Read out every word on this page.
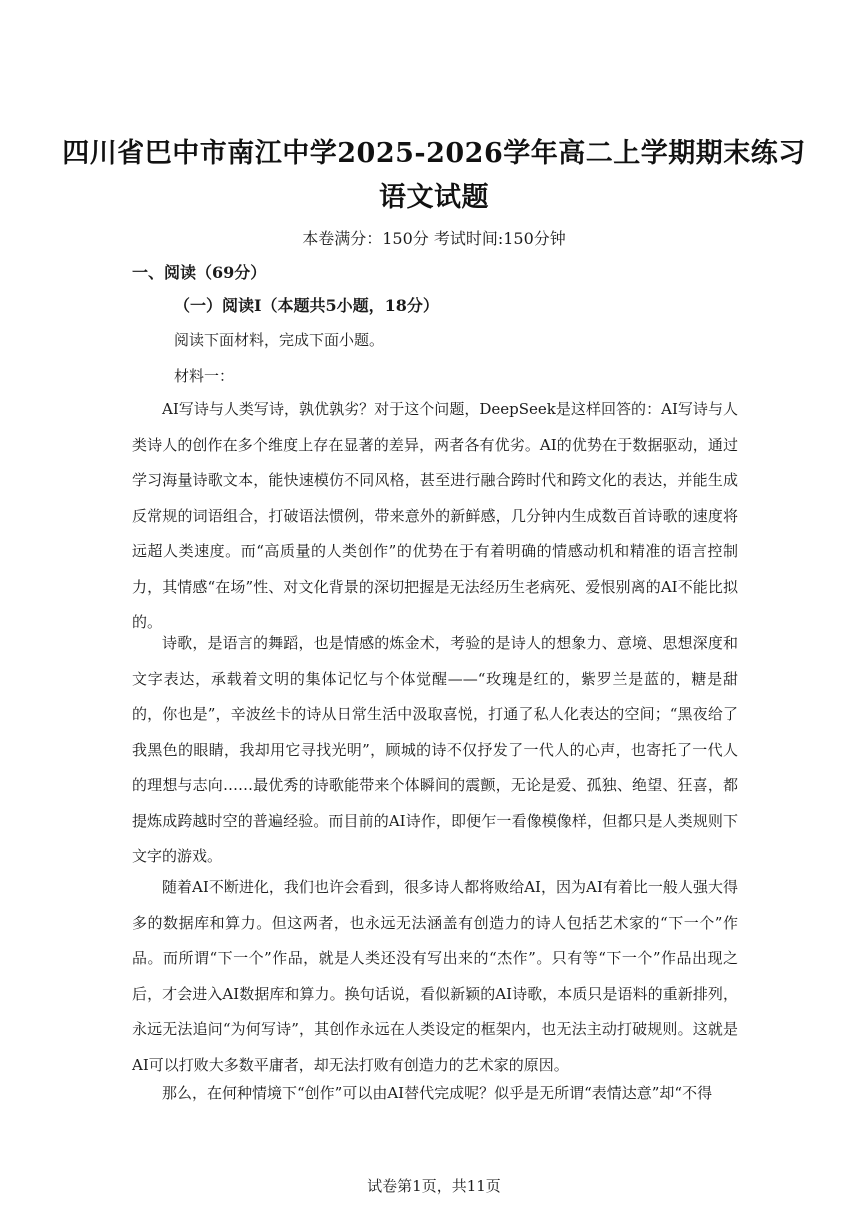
四川省巴中市南江中学2025-2026学年高二上学期期末练习
语文试题
本卷满分：150分 考试时间:150分钟
一、阅读（69分）
（一）阅读I（本题共5小题，18分）
阅读下面材料，完成下面小题。
材料一：

AI写诗与人类写诗，孰优孰劣？对于这个问题，DeepSeek是这样回答的：AI写诗与人类诗人的创作在多个维度上存在显著的差异，两者各有优劣。AI的优势在于数据驱动，通过学习海量诗歌文本，能快速模仿不同风格，甚至进行融合跨时代和跨文化的表达，并能生成反常规的词语组合，打破语法惯例，带来意外的新鲜感，几分钟内生成数百首诗歌的速度将远超人类速度。而“高质量的人类创作”的优势在于有着明确的情感动机和精准的语言控制力，其情感“在场”性、对文化背景的深切把握是无法经历生老病死、爱恨别离的AI不能比拟的。

诗歌，是语言的舞蹈，也是情感的炼金术，考验的是诗人的想象力、意境、思想深度和文字表达，承载着文明的集体记忆与个体觉醒——“玫瑰是红的，紫罗兰是蓝的，糖是甜的，你也是”，辛波丝卡的诗从日常生活中汲取喜悦，打通了私人化表达的空间；“黑夜给了我黑色的眼睛，我却用它寻找光明”，顾城的诗不仅抒发了一代人的心声，也寄托了一代人的理想与志向……最优秀的诗歌能带来个体瞬间的震颤，无论是爱、孤独、绝望、狂喜，都提炼成跨越时空的普遍经验。而目前的AI诗作，即便乍一看像模像样，但都只是人类规则下文字的游戏。

随着AI不断进化，我们也许会看到，很多诗人都将败给AI，因为AI有着比一般人强大得多的数据库和算力。但这两者，也永远无法涵盖有创造力的诗人包括艺术家的“下一个”作品。而所谓“下一个”作品，就是人类还没有写出来的“杰作”。只有等“下一个”作品出现之后，才会进入AI数据库和算力。换句话说，看似新颖的AI诗歌，本质只是语料的重新排列，永远无法追问“为何写诗”，其创作永远在人类设定的框架内，也无法主动打破规则。这就是AI可以打败大多数平庸者，却无法打败有创造力的艺术家的原因。

那么，在何种情境下“创作”可以由AI替代完成呢？似乎是无所谓“表情达意”却“不得

试卷第1页，共11页
